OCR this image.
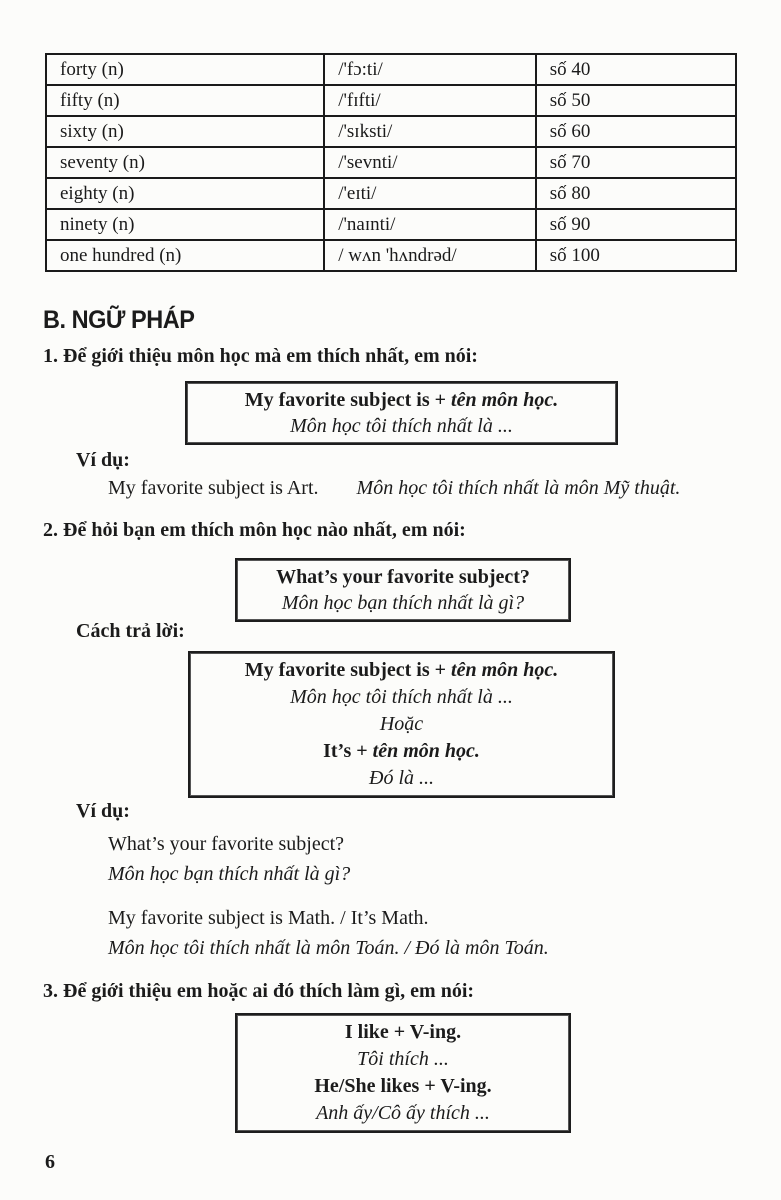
forty (n)	/'fɔ:ti/	số 40
fifty (n)	/'fɪfti/	số 50
sixty (n)	/'sɪksti/	số 60
seventy (n)	/'sevnti/	số 70
eighty (n)	/'eɪti/	số 80
ninety (n)	/'naɪnti/	số 90
one hundred (n)	/ wʌn 'hʌndrəd/	số 100
B. NGỮ PHÁP
1. Để giới thiệu môn học mà em thích nhất, em nói:
My favorite subject is + tên môn học.
Môn học tôi thích nhất là ...
Ví dụ:
My favorite subject is Art. Môn học tôi thích nhất là môn Mỹ thuật.
2. Để hỏi bạn em thích môn học nào nhất, em nói:
What’s your favorite subject?
Môn học bạn thích nhất là gì?
Cách trả lời:
My favorite subject is + tên môn học.
Môn học tôi thích nhất là ...
Hoặc
It’s + tên môn học.
Đó là ...
Ví dụ:
What’s your favorite subject?
Môn học bạn thích nhất là gì?
My favorite subject is Math. / It’s Math.
Môn học tôi thích nhất là môn Toán. / Đó là môn Toán.
3. Để giới thiệu em hoặc ai đó thích làm gì, em nói:
I like + V-ing.
Tôi thích ...
He/She likes + V-ing.
Anh ấy/Cô ấy thích ...
6
